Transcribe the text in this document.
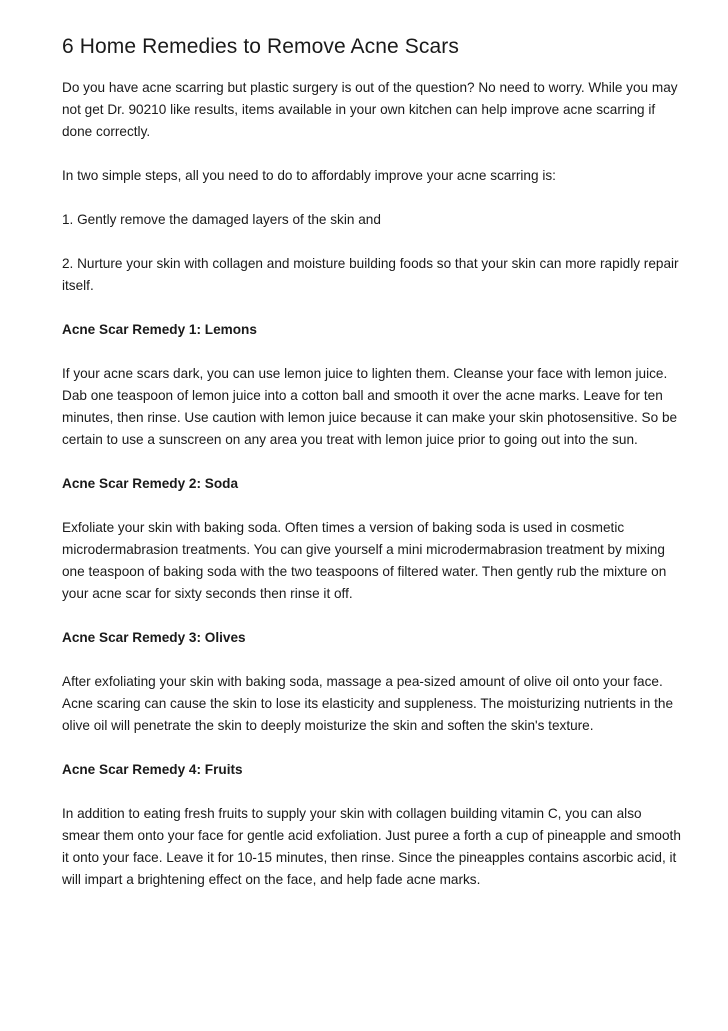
6 Home Remedies to Remove Acne Scars

Do you have acne scarring but plastic surgery is out of the question? No need to worry. While you may not get Dr. 90210 like results, items available in your own kitchen can help improve acne scarring if done correctly.

In two simple steps, all you need to do to affordably improve your acne scarring is:

1. Gently remove the damaged layers of the skin and

2. Nurture your skin with collagen and moisture building foods so that your skin can more rapidly repair itself.

Acne Scar Remedy 1: Lemons

If your acne scars dark, you can use lemon juice to lighten them. Cleanse your face with lemon juice. Dab one teaspoon of lemon juice into a cotton ball and smooth it over the acne marks. Leave for ten minutes, then rinse. Use caution with lemon juice because it can make your skin photosensitive. So be certain to use a sunscreen on any area you treat with lemon juice prior to going out into the sun.

Acne Scar Remedy 2: Soda

Exfoliate your skin with baking soda. Often times a version of baking soda is used in cosmetic microdermabrasion treatments. You can give yourself a mini microdermabrasion treatment by mixing one teaspoon of baking soda with the two teaspoons of filtered water. Then gently rub the mixture on your acne scar for sixty seconds then rinse it off.

Acne Scar Remedy 3: Olives

After exfoliating your skin with baking soda, massage a pea-sized amount of olive oil onto your face. Acne scaring can cause the skin to lose its elasticity and suppleness. The moisturizing nutrients in the olive oil will penetrate the skin to deeply moisturize the skin and soften the skin's texture.

Acne Scar Remedy 4: Fruits

In addition to eating fresh fruits to supply your skin with collagen building vitamin C, you can also smear them onto your face for gentle acid exfoliation. Just puree a forth a cup of pineapple and smooth it onto your face. Leave it for 10-15 minutes, then rinse. Since the pineapples contains ascorbic acid, it will impart a brightening effect on the face, and help fade acne marks.
